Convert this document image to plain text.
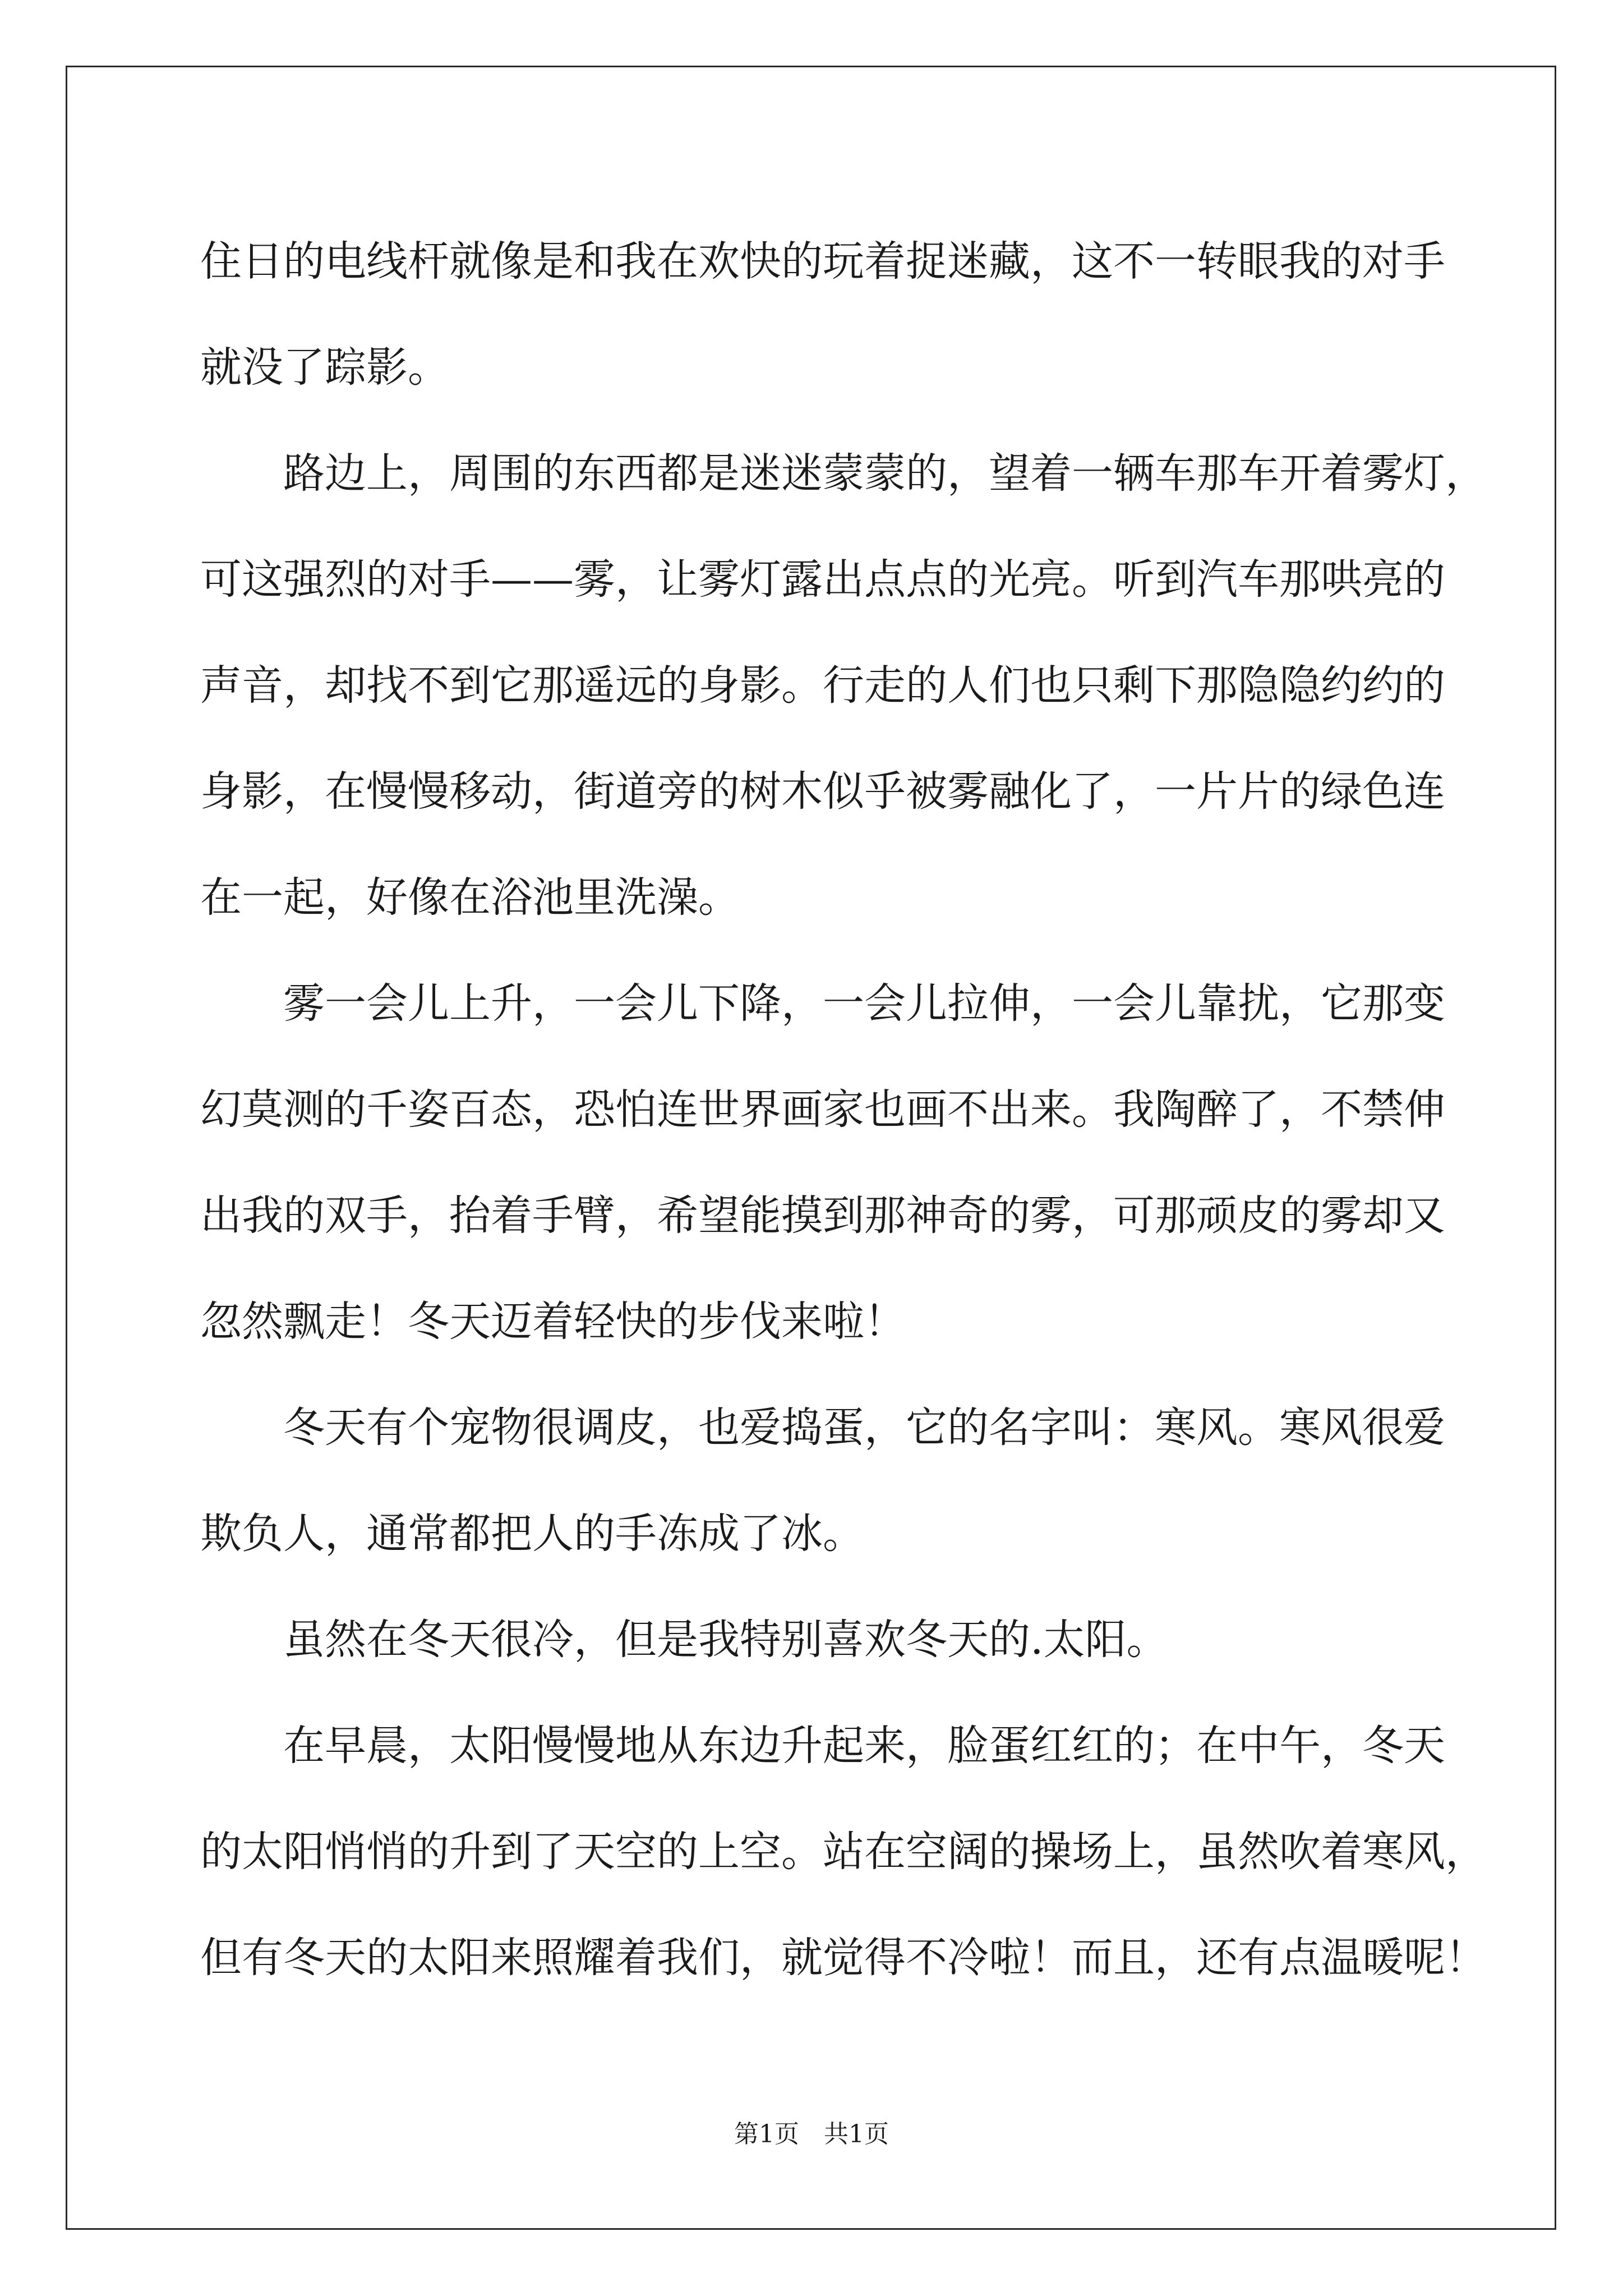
住日的电线杆就像是和我在欢快的玩着捉迷藏，这不一转眼我的对手
就没了踪影。
　　路边上，周围的东西都是迷迷蒙蒙的，望着一辆车那车开着雾灯，
可这强烈的对手——雾，让雾灯露出点点的光亮。听到汽车那哄亮的
声音，却找不到它那遥远的身影。行走的人们也只剩下那隐隐约约的
身影，在慢慢移动，街道旁的树木似乎被雾融化了，一片片的绿色连
在一起，好像在浴池里洗澡。
　　雾一会儿上升，一会儿下降，一会儿拉伸，一会儿靠扰，它那变
幻莫测的千姿百态，恐怕连世界画家也画不出来。我陶醉了，不禁伸
出我的双手，抬着手臂，希望能摸到那神奇的雾，可那顽皮的雾却又
忽然飘走！冬天迈着轻快的步伐来啦！
　　冬天有个宠物很调皮，也爱捣蛋，它的名字叫：寒风。寒风很爱
欺负人，通常都把人的手冻成了冰。
　　虽然在冬天很冷，但是我特别喜欢冬天的.太阳。
　　在早晨，太阳慢慢地从东边升起来，脸蛋红红的；在中午，冬天
的太阳悄悄的升到了天空的上空。站在空阔的操场上，虽然吹着寒风，
但有冬天的太阳来照耀着我们，就觉得不冷啦！而且，还有点温暖呢！
第1页　共1页
